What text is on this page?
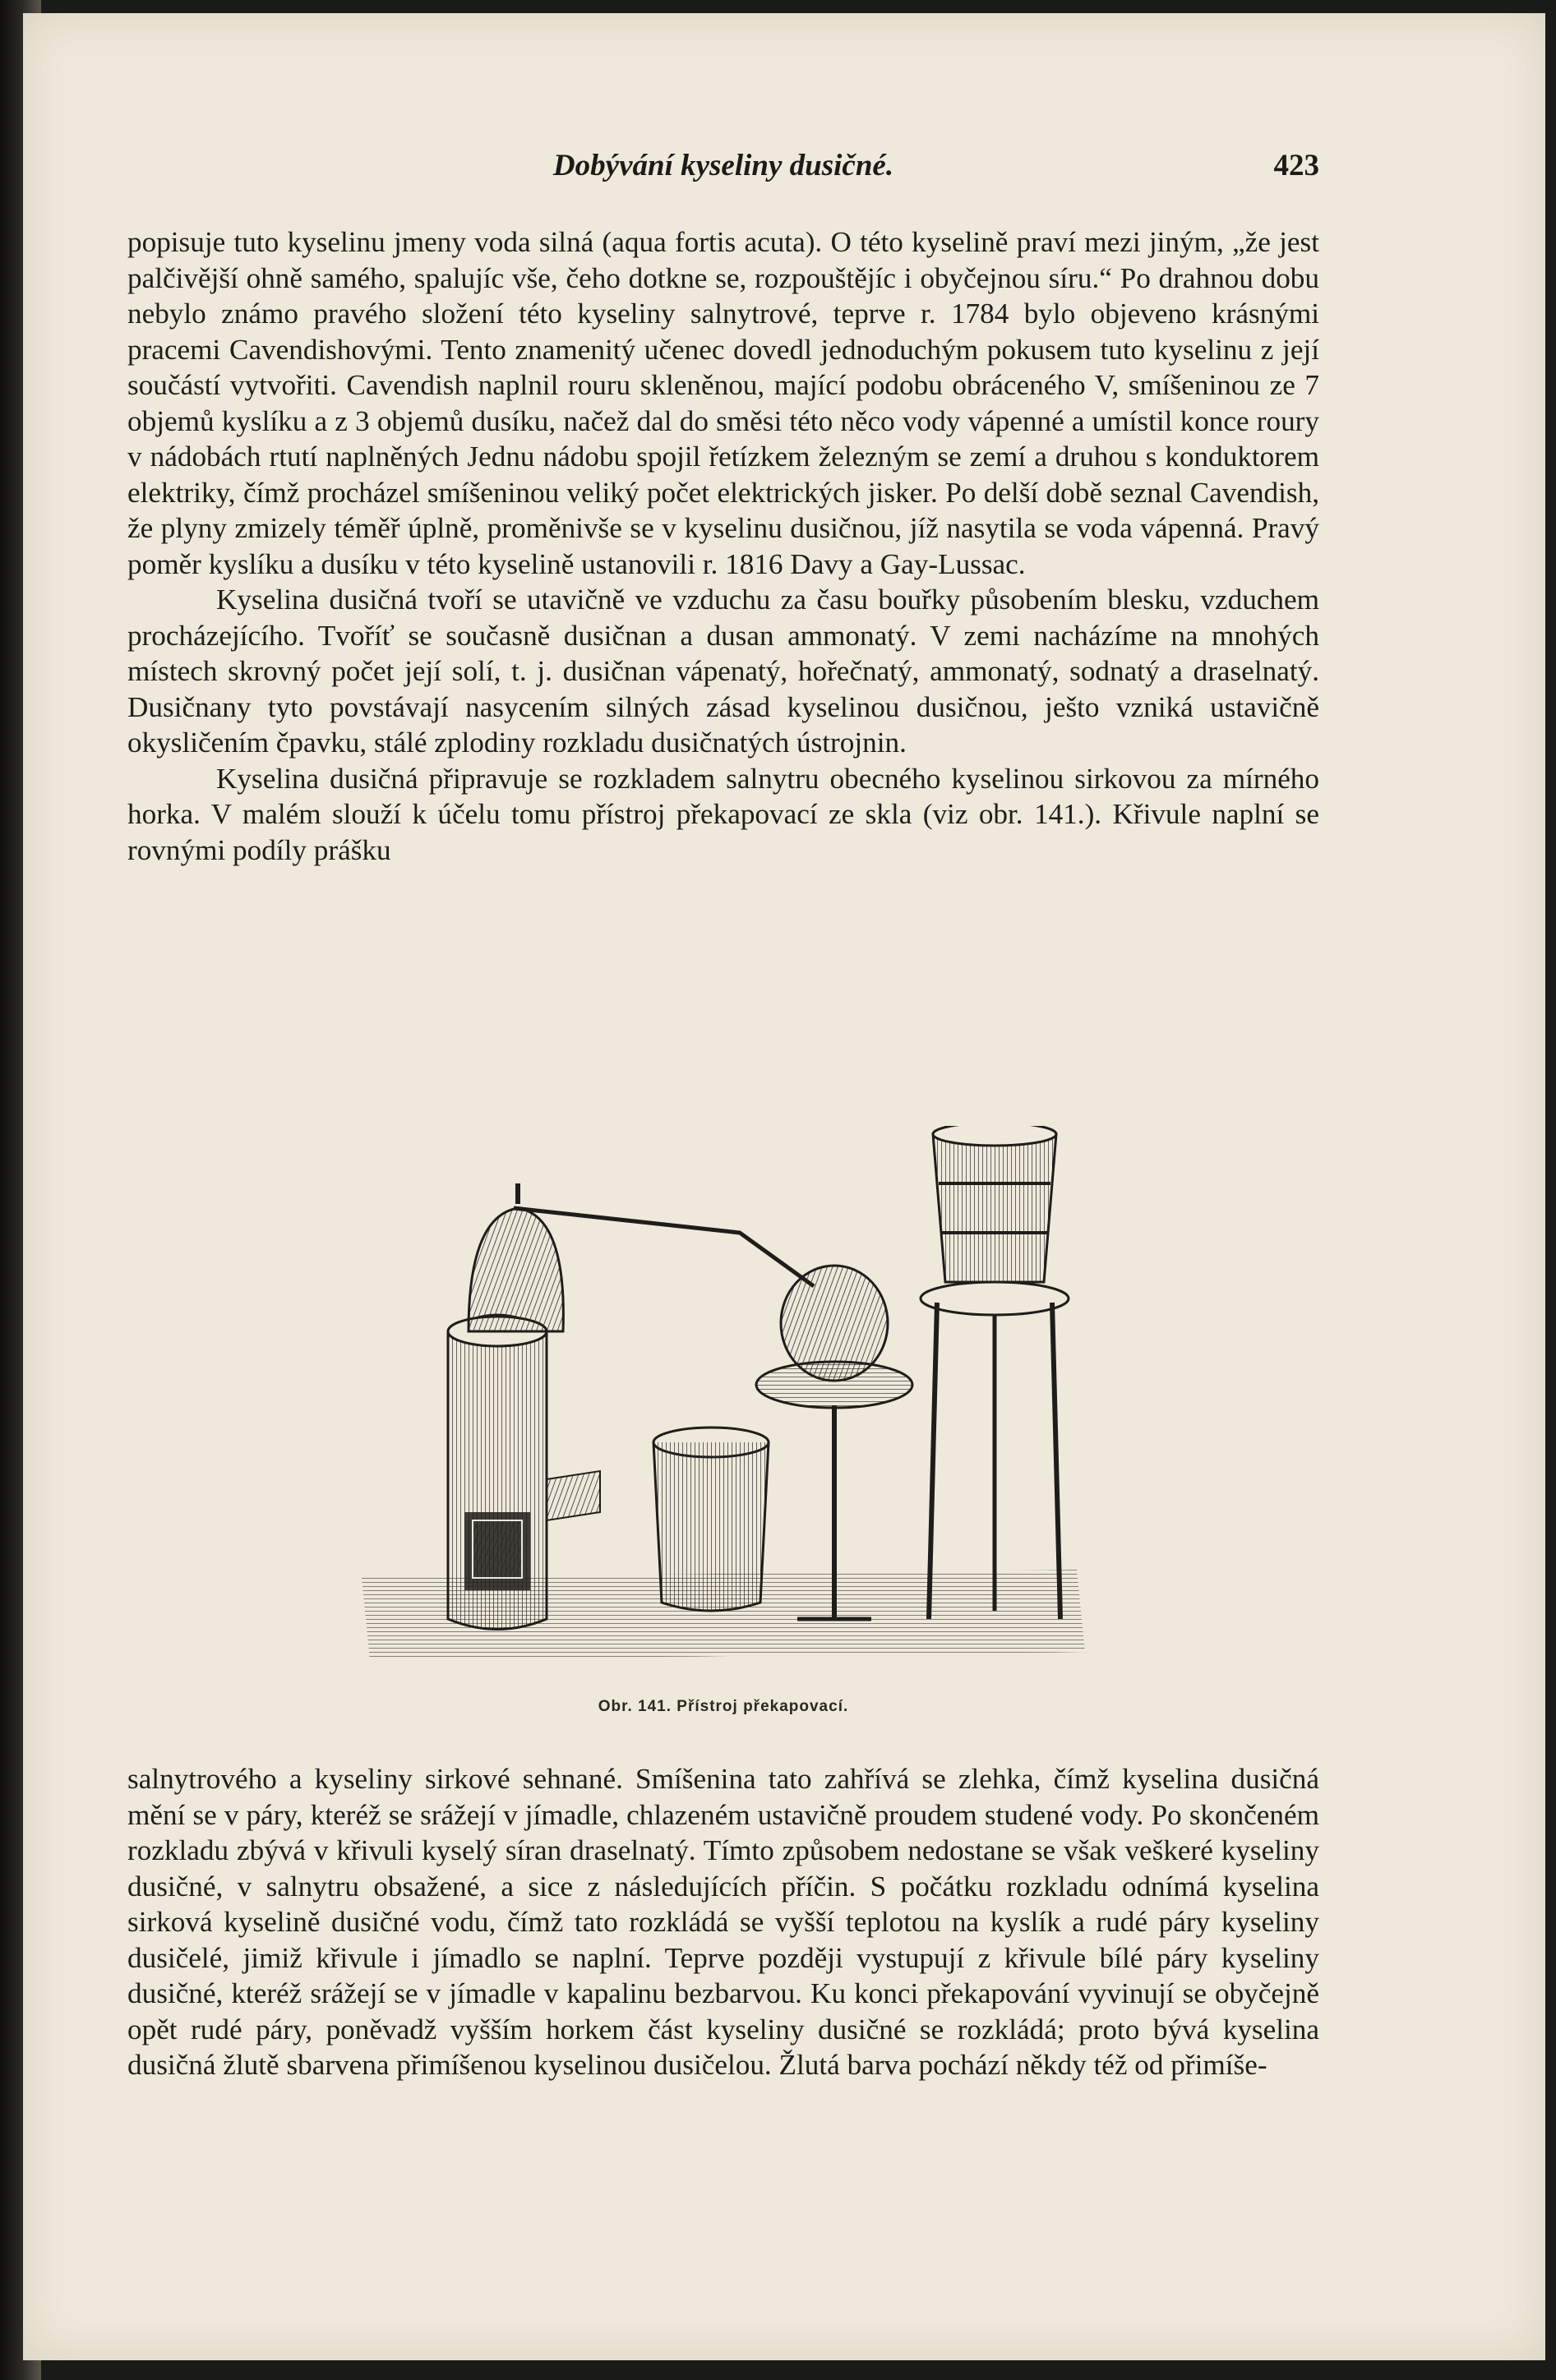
Dobývání kyseliny dusičné.	423

popisuje tuto kyselinu jmeny voda silná (aqua fortis acuta). O této kyselině praví mezi jiným, „že jest palčivější ohně samého, spalujíc vše, čeho dotkne se, rozpouštějíc i obyčejnou síru.“ Po drahnou dobu nebylo známo pravého složení této kyseliny salnytrové, teprve r. 1784 bylo objeveno krásnými pracemi Cavendishovými. Tento znamenitý učenec dovedl jednoduchým pokusem tuto kyselinu z její součástí vytvořiti. Cavendish naplnil rouru skleněnou, mající podobu obráceného V, smíšeninou ze 7 objemů kyslíku a z 3 objemů dusíku, načež dal do směsi této něco vody vápenné a umístil konce roury v nádobách rtutí naplněných Jednu nádobu spojil řetízkem železným se zemí a druhou s konduktorem elektriky, čímž procházel smíšeninou veliký počet elektrických jisker. Po delší době seznal Cavendish, že plyny zmizely téměř úplně, proměnivše se v kyselinu dusičnou, jíž nasytila se voda vápenná. Pravý poměr kyslíku a dusíku v této kyselině ustanovili r. 1816 Davy a Gay-Lussac.

Kyselina dusičná tvoří se utavičně ve vzduchu za času bouřky působením blesku, vzduchem procházejícího. Tvoříť se současně dusičnan a dusan ammonatý. V zemi nacházíme na mnohých místech skrovný počet její solí, t. j. dusičnan vápenatý, hořečnatý, ammonatý, sodnatý a draselnatý. Dusičnany tyto povstávají nasycením silných zásad kyselinou dusičnou, ješto vzniká ustavičně okysličením čpavku, stálé zplodiny rozkladu dusičnatých ústrojnin.

Kyselina dusičná připravuje se rozkladem salnytru obecného kyselinou sirkovou za mírného horka. V malém slouží k účelu tomu přístroj překapovací ze skla (viz obr. 141.). Křivule naplní se rovnými podíly prášku

Obr. 141. Přístroj překapovací.

salnytrového a kyseliny sirkové sehnané. Smíšenina tato zahřívá se zlehka, čímž kyselina dusičná mění se v páry, kteréž se srážejí v jímadle, chlazeném ustavičně proudem studené vody. Po skončeném rozkladu zbývá v křivuli kyselý síran draselnatý. Tímto způsobem nedostane se však veškeré kyseliny dusičné, v salnytru obsažené, a sice z následujících příčin. S počátku rozkladu odnímá kyselina sirková kyselině dusičné vodu, čímž tato rozkládá se vyšší teplotou na kyslík a rudé páry kyseliny dusičelé, jimiž křivule i jímadlo se naplní. Teprve později vystupují z křivule bílé páry kyseliny dusičné, kteréž srážejí se v jímadle v kapalinu bezbarvou. Ku konci překapování vyvinují se obyčejně opět rudé páry, poněvadž vyšším horkem část kyseliny dusičné se rozkládá; proto bývá kyselina dusičná žlutě sbarvena přimíšenou kyselinou dusičelou. Žlutá barva pochází někdy též od přimíše-
